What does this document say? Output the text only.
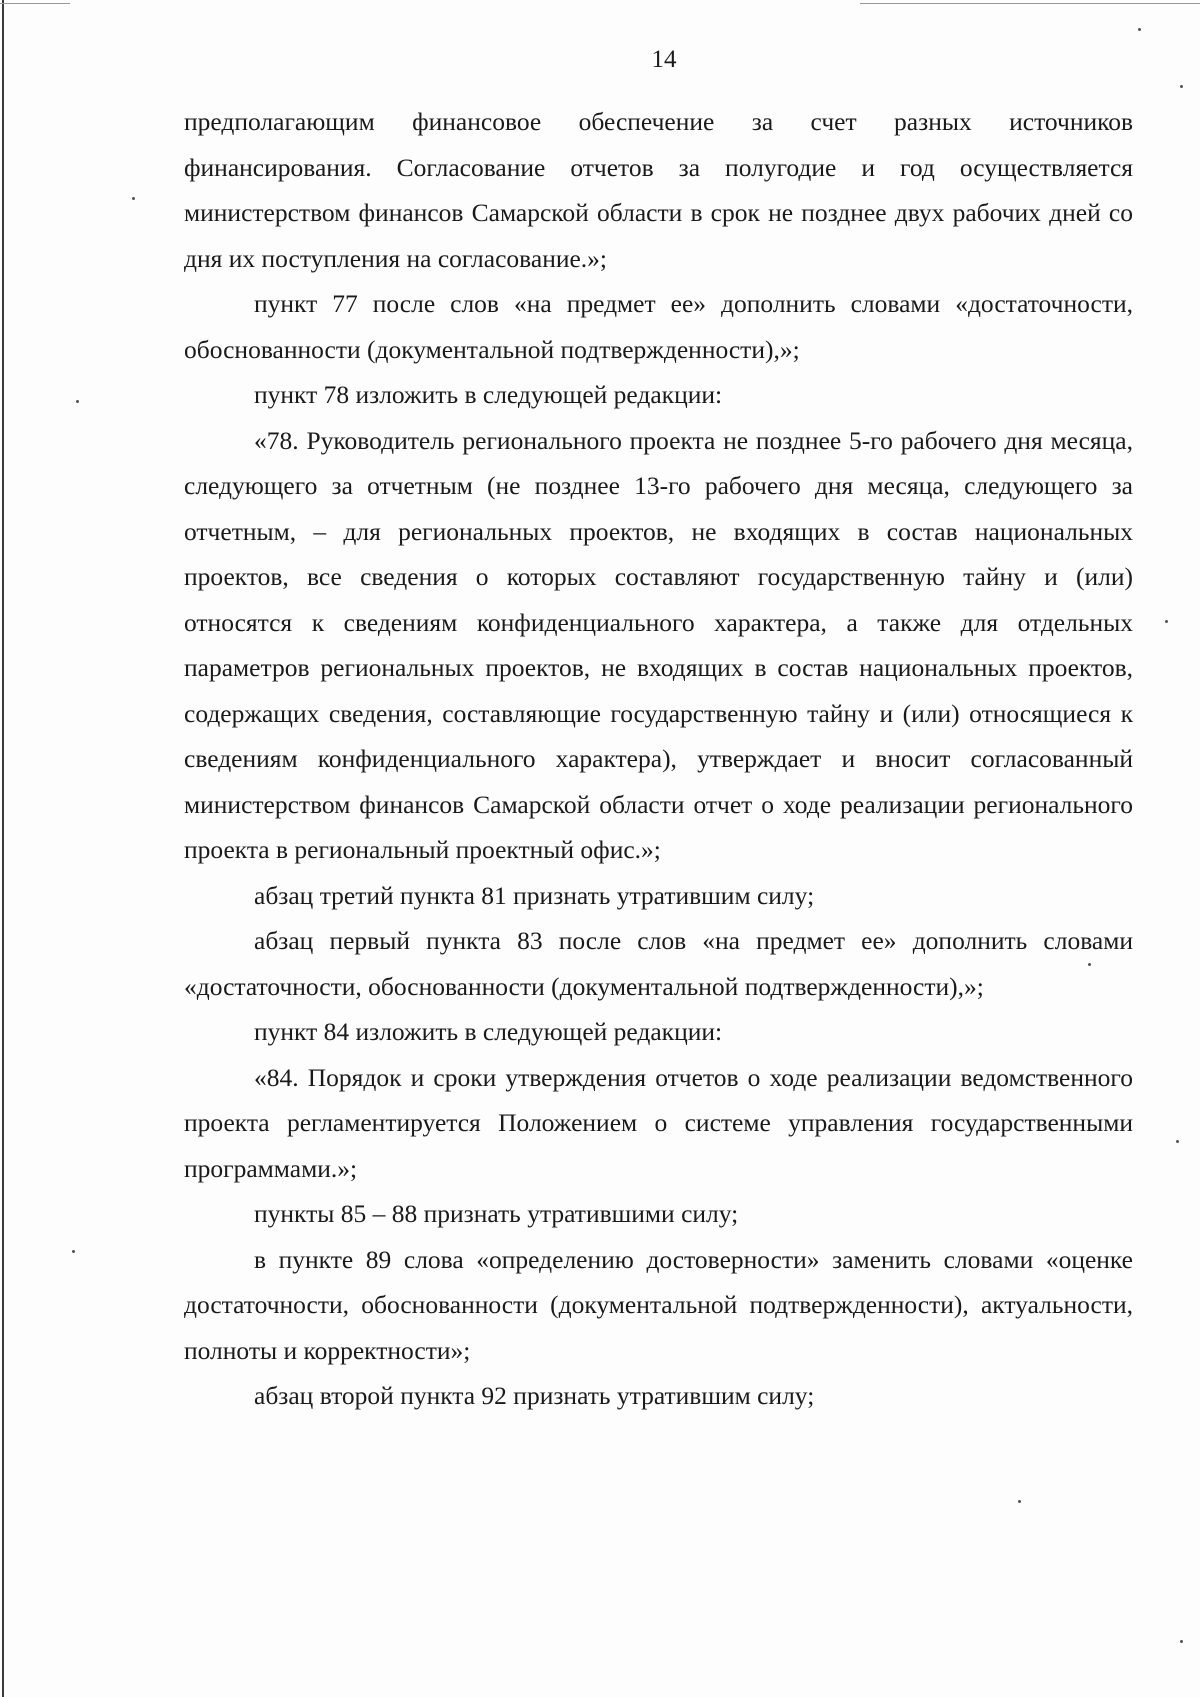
14

предполагающим финансовое обеспечение за счет разных источников финансирования. Согласование отчетов за полугодие и год осуществляется министерством финансов Самарской области в срок не позднее двух рабочих дней со дня их поступления на согласование.»;

пункт 77 после слов «на предмет ее» дополнить словами «достаточности, обоснованности (документальной подтвержденности),»;

пункт 78 изложить в следующей редакции:

«78. Руководитель регионального проекта не позднее 5-го рабочего дня месяца, следующего за отчетным (не позднее 13-го рабочего дня месяца, следующего за отчетным, – для региональных проектов, не входящих в состав национальных проектов, все сведения о которых составляют государственную тайну и (или) относятся к сведениям конфиденциального характера, а также для отдельных параметров региональных проектов, не входящих в состав национальных проектов, содержащих сведения, составляющие государственную тайну и (или) относящиеся к сведениям конфиденциального характера), утверждает и вносит согласованный министерством финансов Самарской области отчет о ходе реализации регионального проекта в региональный проектный офис.»;

абзац третий пункта 81 признать утратившим силу;

абзац первый пункта 83 после слов «на предмет ее» дополнить словами «достаточности, обоснованности (документальной подтвержденности),»;

пункт 84 изложить в следующей редакции:

«84. Порядок и сроки утверждения отчетов о ходе реализации ведомственного проекта регламентируется Положением о системе управления государственными программами.»;

пункты 85 – 88 признать утратившими силу;

в пункте 89 слова «определению достоверности» заменить словами «оценке достаточности, обоснованности (документальной подтвержденности), актуальности, полноты и корректности»;

абзац второй пункта 92 признать утратившим силу;
